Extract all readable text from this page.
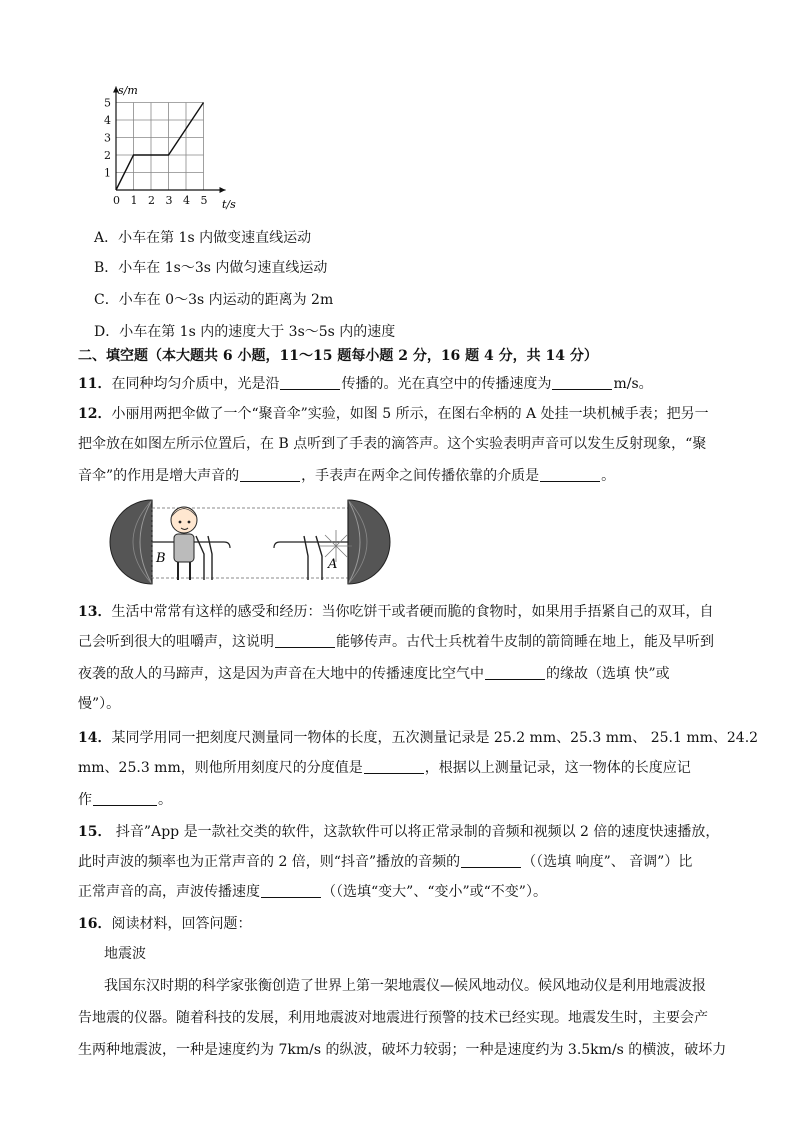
0 1 2 3 4 5
1
2
3
4
5
s/m
t/s
A．小车在第 1s 内做变速直线运动
B．小车在 1s～3s 内做匀速直线运动
C．小车在 0～3s 内运动的距离为 2m
D．小车在第 1s 内的速度大于 3s～5s 内的速度
二、填空题（本大题共 6 小题，11～15 题每小题 2 分，16 题 4 分，共 14 分）
11．在同种均匀介质中，光是沿	传播的。光在真空中的传播速度为	m/s。
12．小丽用两把伞做了一个“聚音伞”实验，如图 5 所示，在图右伞柄的 A 处挂一块机械手表；把另一
把伞放在如图左所示位置后，在 B 点听到了手表的滴答声。这个实验表明声音可以发生反射现象，“聚
音伞”的作用是增大声音的	，手表声在两伞之间传播依靠的介质是	。
B	A
13．生活中常常有这样的感受和经历：当你吃饼干或者硬而脆的食物时，如果用手捂紧自己的双耳，自
己会听到很大的咀嚼声，这说明	能够传声。古代士兵枕着牛皮制的箭筒睡在地上，能及早听到
夜袭的敌人的马蹄声，这是因为声音在大地中的传播速度比空气中	的缘故（选填 快”或
慢”）。
14．某同学用同一把刻度尺测量同一物体的长度，五次测量记录是 25.2 mm、25.3 mm、 25.1 mm、24.2
mm、25.3 mm，则他所用刻度尺的分度值是	，根据以上测量记录，这一物体的长度应记
作	。
15． 抖音”App 是一款社交类的软件，这款软件可以将正常录制的音频和视频以 2 倍的速度快速播放，
此时声波的频率也为正常声音的 2 倍，则“抖音”播放的音频的	（（选填 响度”、 音调”）比
正常声音的高，声波传播速度	（（选填“变大”、“变小”或“不变”）。
16．阅读材料，回答问题：
地震波
我国东汉时期的科学家张衡创造了世界上第一架地震仪—候风地动仪。候风地动仪是利用地震波报
告地震的仪器。随着科技的发展，利用地震波对地震进行预警的技术已经实现。地震发生时，主要会产
生两种地震波，一种是速度约为 7km/s 的纵波，破坏力较弱；一种是速度约为 3.5km/s 的横波，破坏力
